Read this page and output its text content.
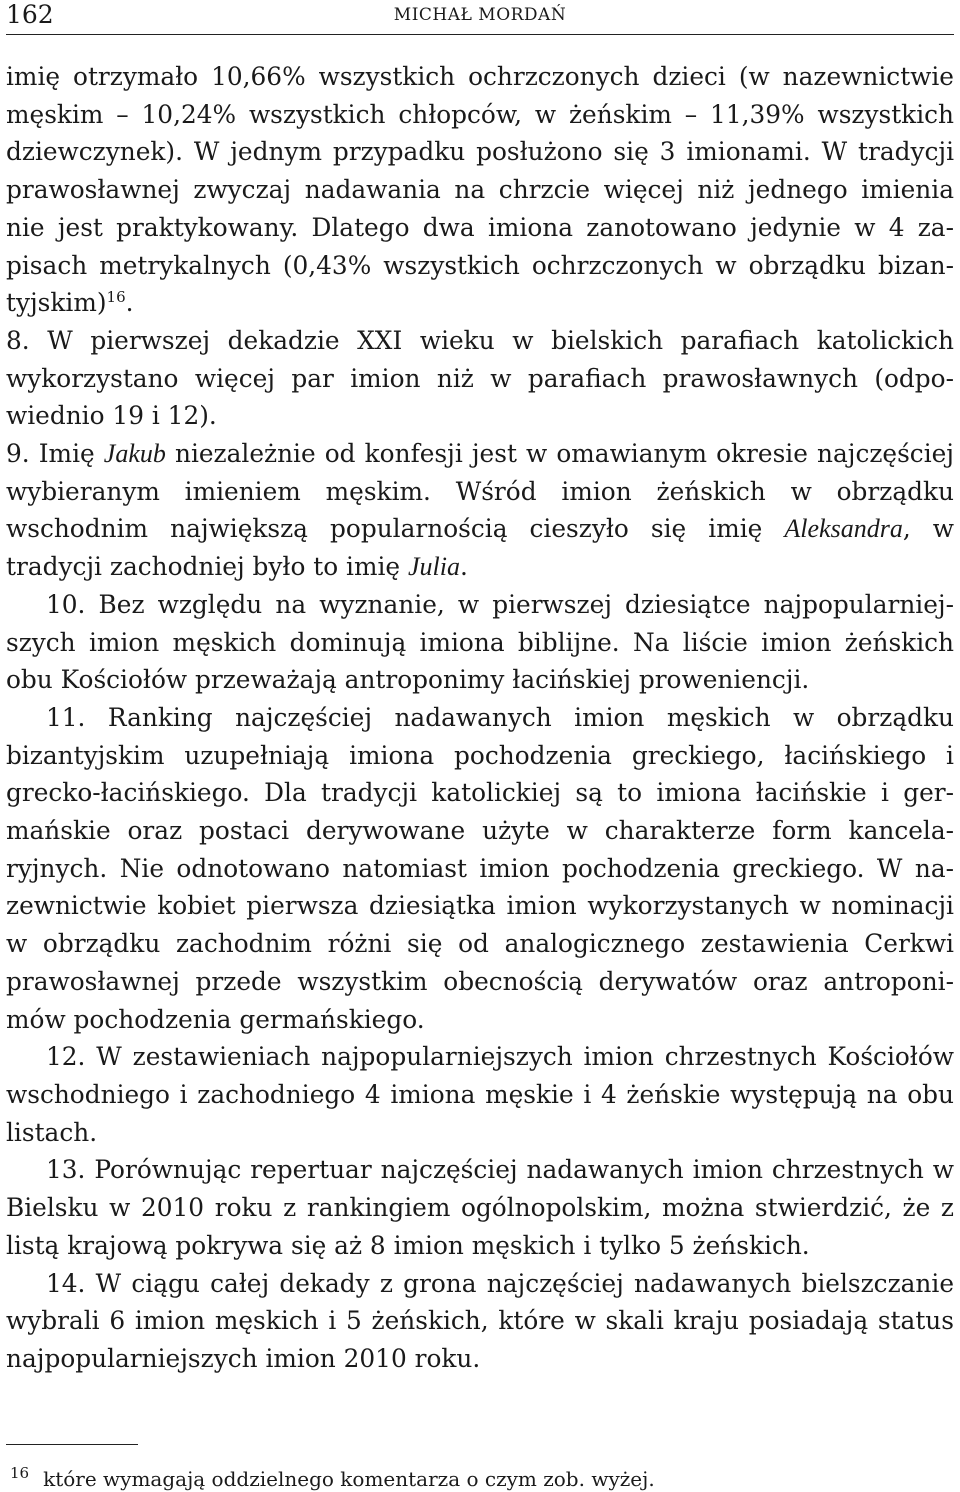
162	MICHAŁ MORDAŃ

imię otrzymało 10,66% wszystkich ochrzczonych dzieci (w nazewnictwie męskim – 10,24% wszystkich chłopców, w żeńskim – 11,39% wszystkich dziewczynek). W jednym przypadku posłużono się 3 imionami. W tradycji prawosławnej zwyczaj nadawania na chrzcie więcej niż jednego imienia nie jest praktykowany. Dlatego dwa imiona zanotowano jedynie w 4 zapisach metrykalnych (0,43% wszystkich ochrzczonych w obrządku bizantyjskim)$^{16}$.

8. W pierwszej dekadzie XXI wieku w bielskich parafiach katolickich wykorzystano więcej par imion niż w parafiach prawosławnych (odpowiednio 19 i 12).

9. Imię Jakub niezależnie od konfesji jest w omawianym okresie najczęściej wybieranym imieniem męskim. Wśród imion żeńskich w obrządku wschodnim największą popularnością cieszyło się imię Aleksandra, w tradycji zachodniej było to imię Julia.

10. Bez względu na wyznanie, w pierwszej dziesiątce najpopularniejszych imion męskich dominują imiona biblijne. Na liście imion żeńskich obu Kościołów przeważają antroponimy łacińskiej proweniencji.

11. Ranking najczęściej nadawanych imion męskich w obrządku bizantyjskim uzupełniają imiona pochodzenia greckiego, łacińskiego i grecko-łacińskiego. Dla tradycji katolickiej są to imiona łacińskie i germańskie oraz postaci derywowane użyte w charakterze form kancelaryjnych. Nie odnotowano natomiast imion pochodzenia greckiego. W nazewnictwie kobiet pierwsza dziesiątka imion wykorzystanych w nominacji w obrządku zachodnim różni się od analogicznego zestawienia Cerkwi prawosławnej przede wszystkim obecnością derywatów oraz antroponimów pochodzenia germańskiego.

12. W zestawieniach najpopularniejszych imion chrzestnych Kościołów wschodniego i zachodniego 4 imiona męskie i 4 żeńskie występują na obu listach.

13. Porównując repertuar najczęściej nadawanych imion chrzestnych w Bielsku w 2010 roku z rankingiem ogólnopolskim, można stwierdzić, że z listą krajową pokrywa się aż 8 imion męskich i tylko 5 żeńskich.

14. W ciągu całej dekady z grona najczęściej nadawanych bielszczanie wybrali 6 imion męskich i 5 żeńskich, które w skali kraju posiadają status najpopularniejszych imion 2010 roku.

$^{16}$ które wymagają oddzielnego komentarza o czym zob. wyżej.
